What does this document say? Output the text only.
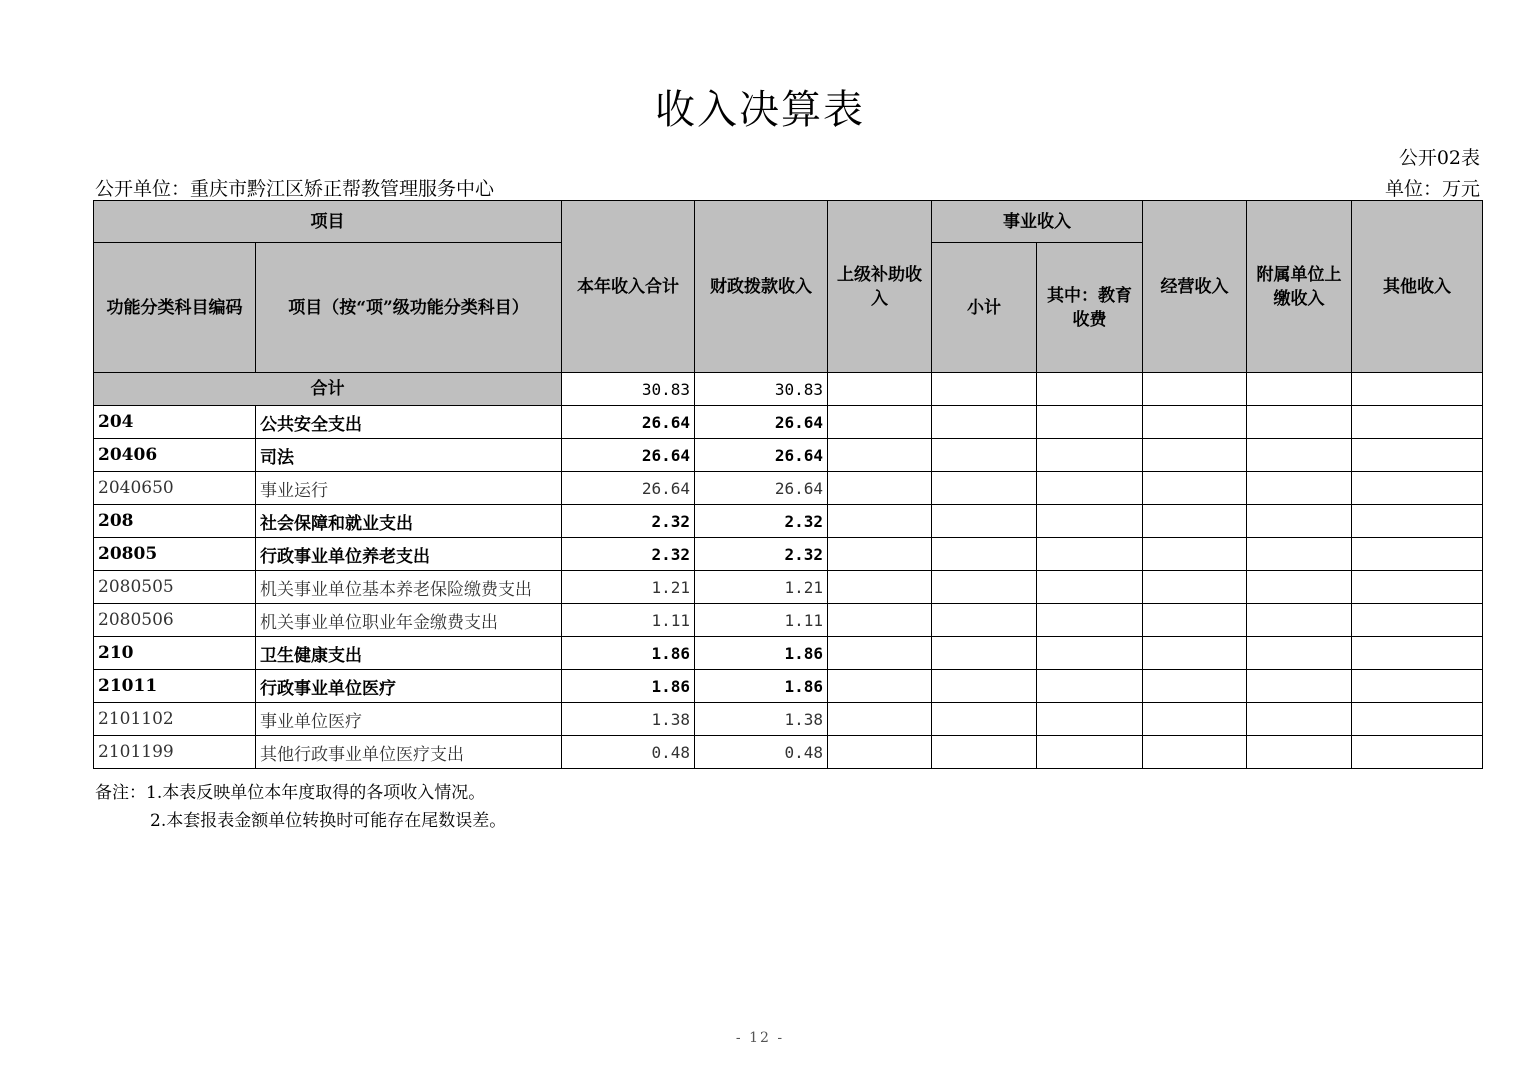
收入决算表
公开02表
公开单位：重庆市黔江区矫正帮教管理服务中心	单位：万元
项目		本年收入合计	财政拨款收入	上级补助收入	事业收入		经营收入	附属单位上缴收入	其他收入
功能分类科目编码	项目（按“项”级功能分类科目）				小计	其中：教育收费			
合计		30.83	30.83						
204	公共安全支出	26.64	26.64						
20406	司法	26.64	26.64						
2040650	事业运行	26.64	26.64						
208	社会保障和就业支出	2.32	2.32						
20805	行政事业单位养老支出	2.32	2.32						
2080505	机关事业单位基本养老保险缴费支出	1.21	1.21						
2080506	机关事业单位职业年金缴费支出	1.11	1.11						
210	卫生健康支出	1.86	1.86						
21011	行政事业单位医疗	1.86	1.86						
2101102	事业单位医疗	1.38	1.38						
2101199	其他行政事业单位医疗支出	0.48	0.48						
备注：1.本表反映单位本年度取得的各项收入情况。
2.本套报表金额单位转换时可能存在尾数误差。
- 12 -
